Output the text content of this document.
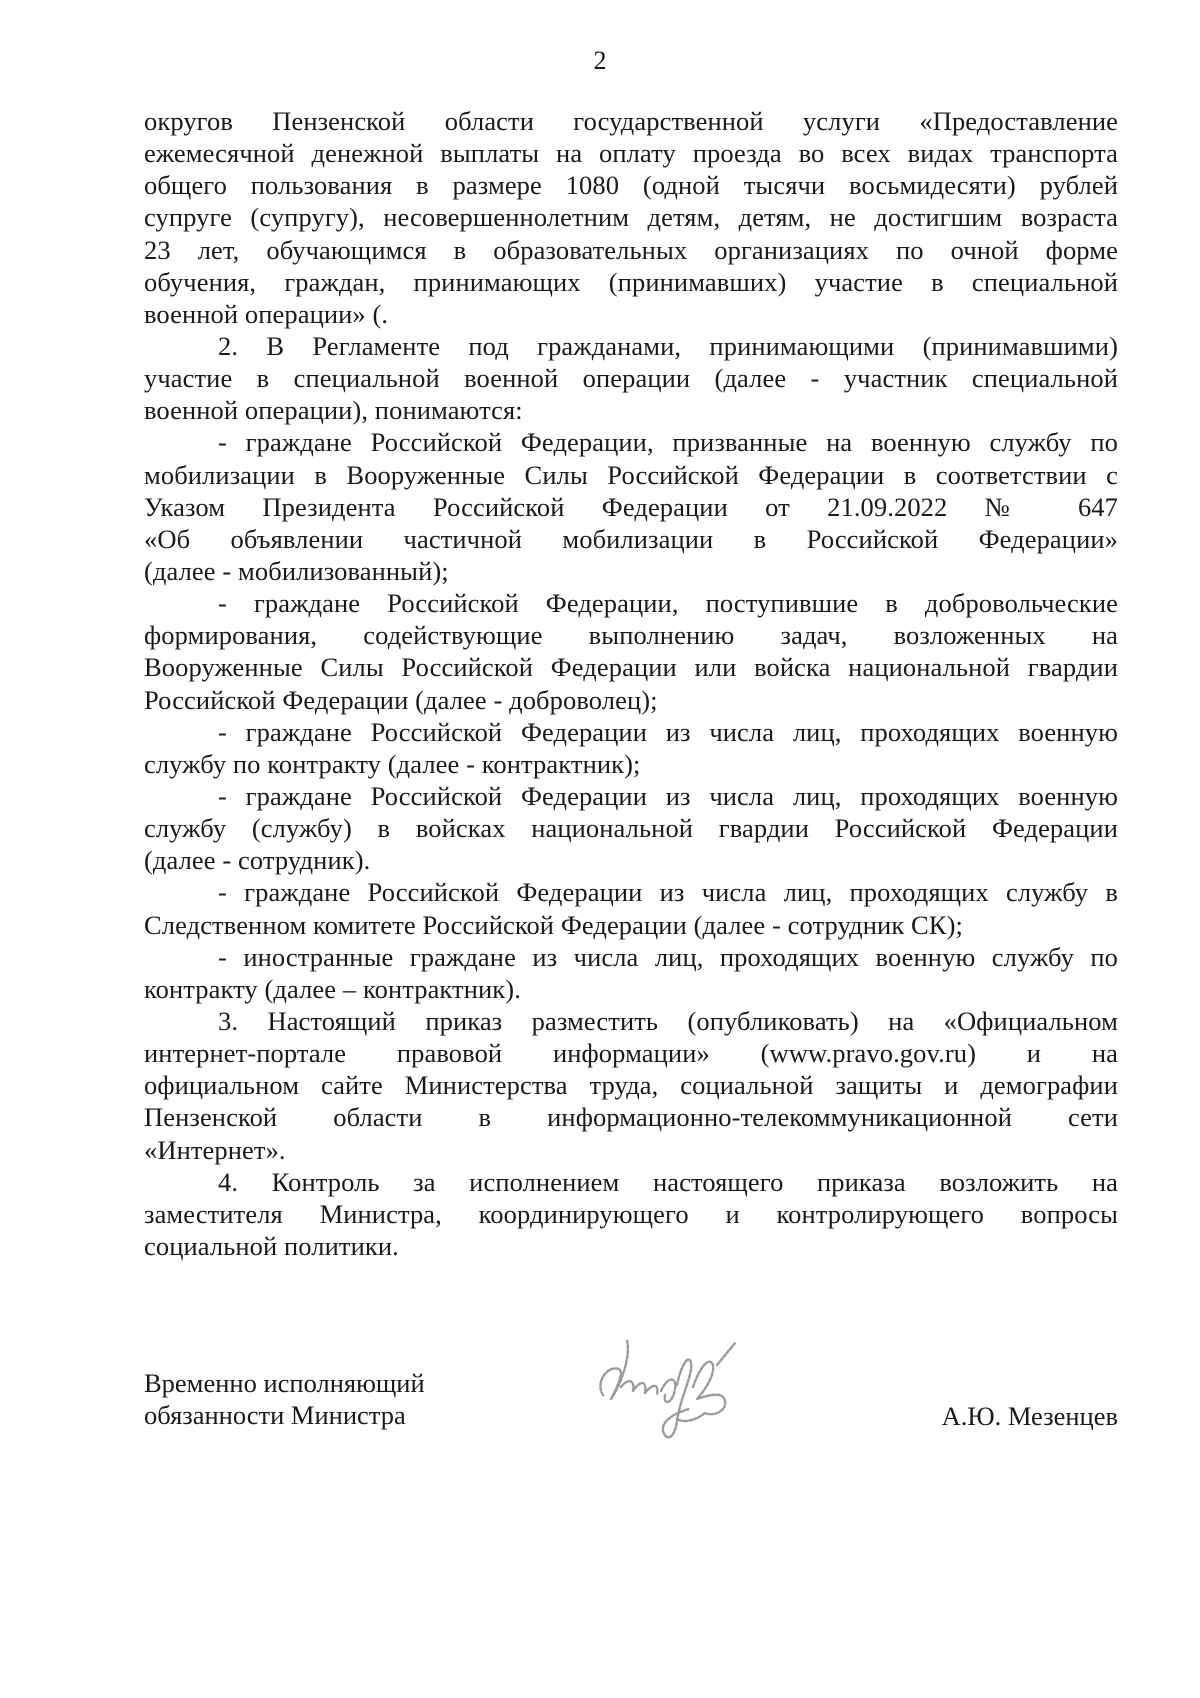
2
округов Пензенской области государственной услуги «Предоставление
ежемесячной денежной выплаты на оплату проезда во всех видах транспорта
общего пользования в размере 1080 (одной тысячи восьмидесяти) рублей
супруге (супругу), несовершеннолетним детям, детям, не достигшим возраста
23 лет, обучающимся в образовательных организациях по очной форме
обучения, граждан, принимающих (принимавших) участие в специальной
военной операции» (.
2. В Регламенте под гражданами, принимающими (принимавшими)
участие в специальной военной операции (далее - участник специальной
военной операции), понимаются:
- граждане Российской Федерации, призванные на военную службу по
мобилизации в Вооруженные Силы Российской Федерации в соответствии с
Указом Президента Российской Федерации от 21.09.2022 № 647
«Об объявлении частичной мобилизации в Российской Федерации»
(далее - мобилизованный);
- граждане Российской Федерации, поступившие в добровольческие
формирования, содействующие выполнению задач, возложенных на
Вооруженные Силы Российской Федерации или войска национальной гвардии
Российской Федерации (далее - доброволец);
- граждане Российской Федерации из числа лиц, проходящих военную
службу по контракту (далее - контрактник);
- граждане Российской Федерации из числа лиц, проходящих военную
службу (службу) в войсках национальной гвардии Российской Федерации
(далее - сотрудник).
- граждане Российской Федерации из числа лиц, проходящих службу в
Следственном комитете Российской Федерации (далее - сотрудник СК);
- иностранные граждане из числа лиц, проходящих военную службу по
контракту (далее – контрактник).
3. Настоящий приказ разместить (опубликовать) на «Официальном
интернет-портале правовой информации» (www.pravo.gov.ru) и на
официальном сайте Министерства труда, социальной защиты и демографии
Пензенской области в информационно-телекоммуникационной сети
«Интернет».
4. Контроль за исполнением настоящего приказа возложить на
заместителя Министра, координирующего и контролирующего вопросы
социальной политики.
Временно исполняющий
обязанности Министра	А.Ю. Мезенцев
